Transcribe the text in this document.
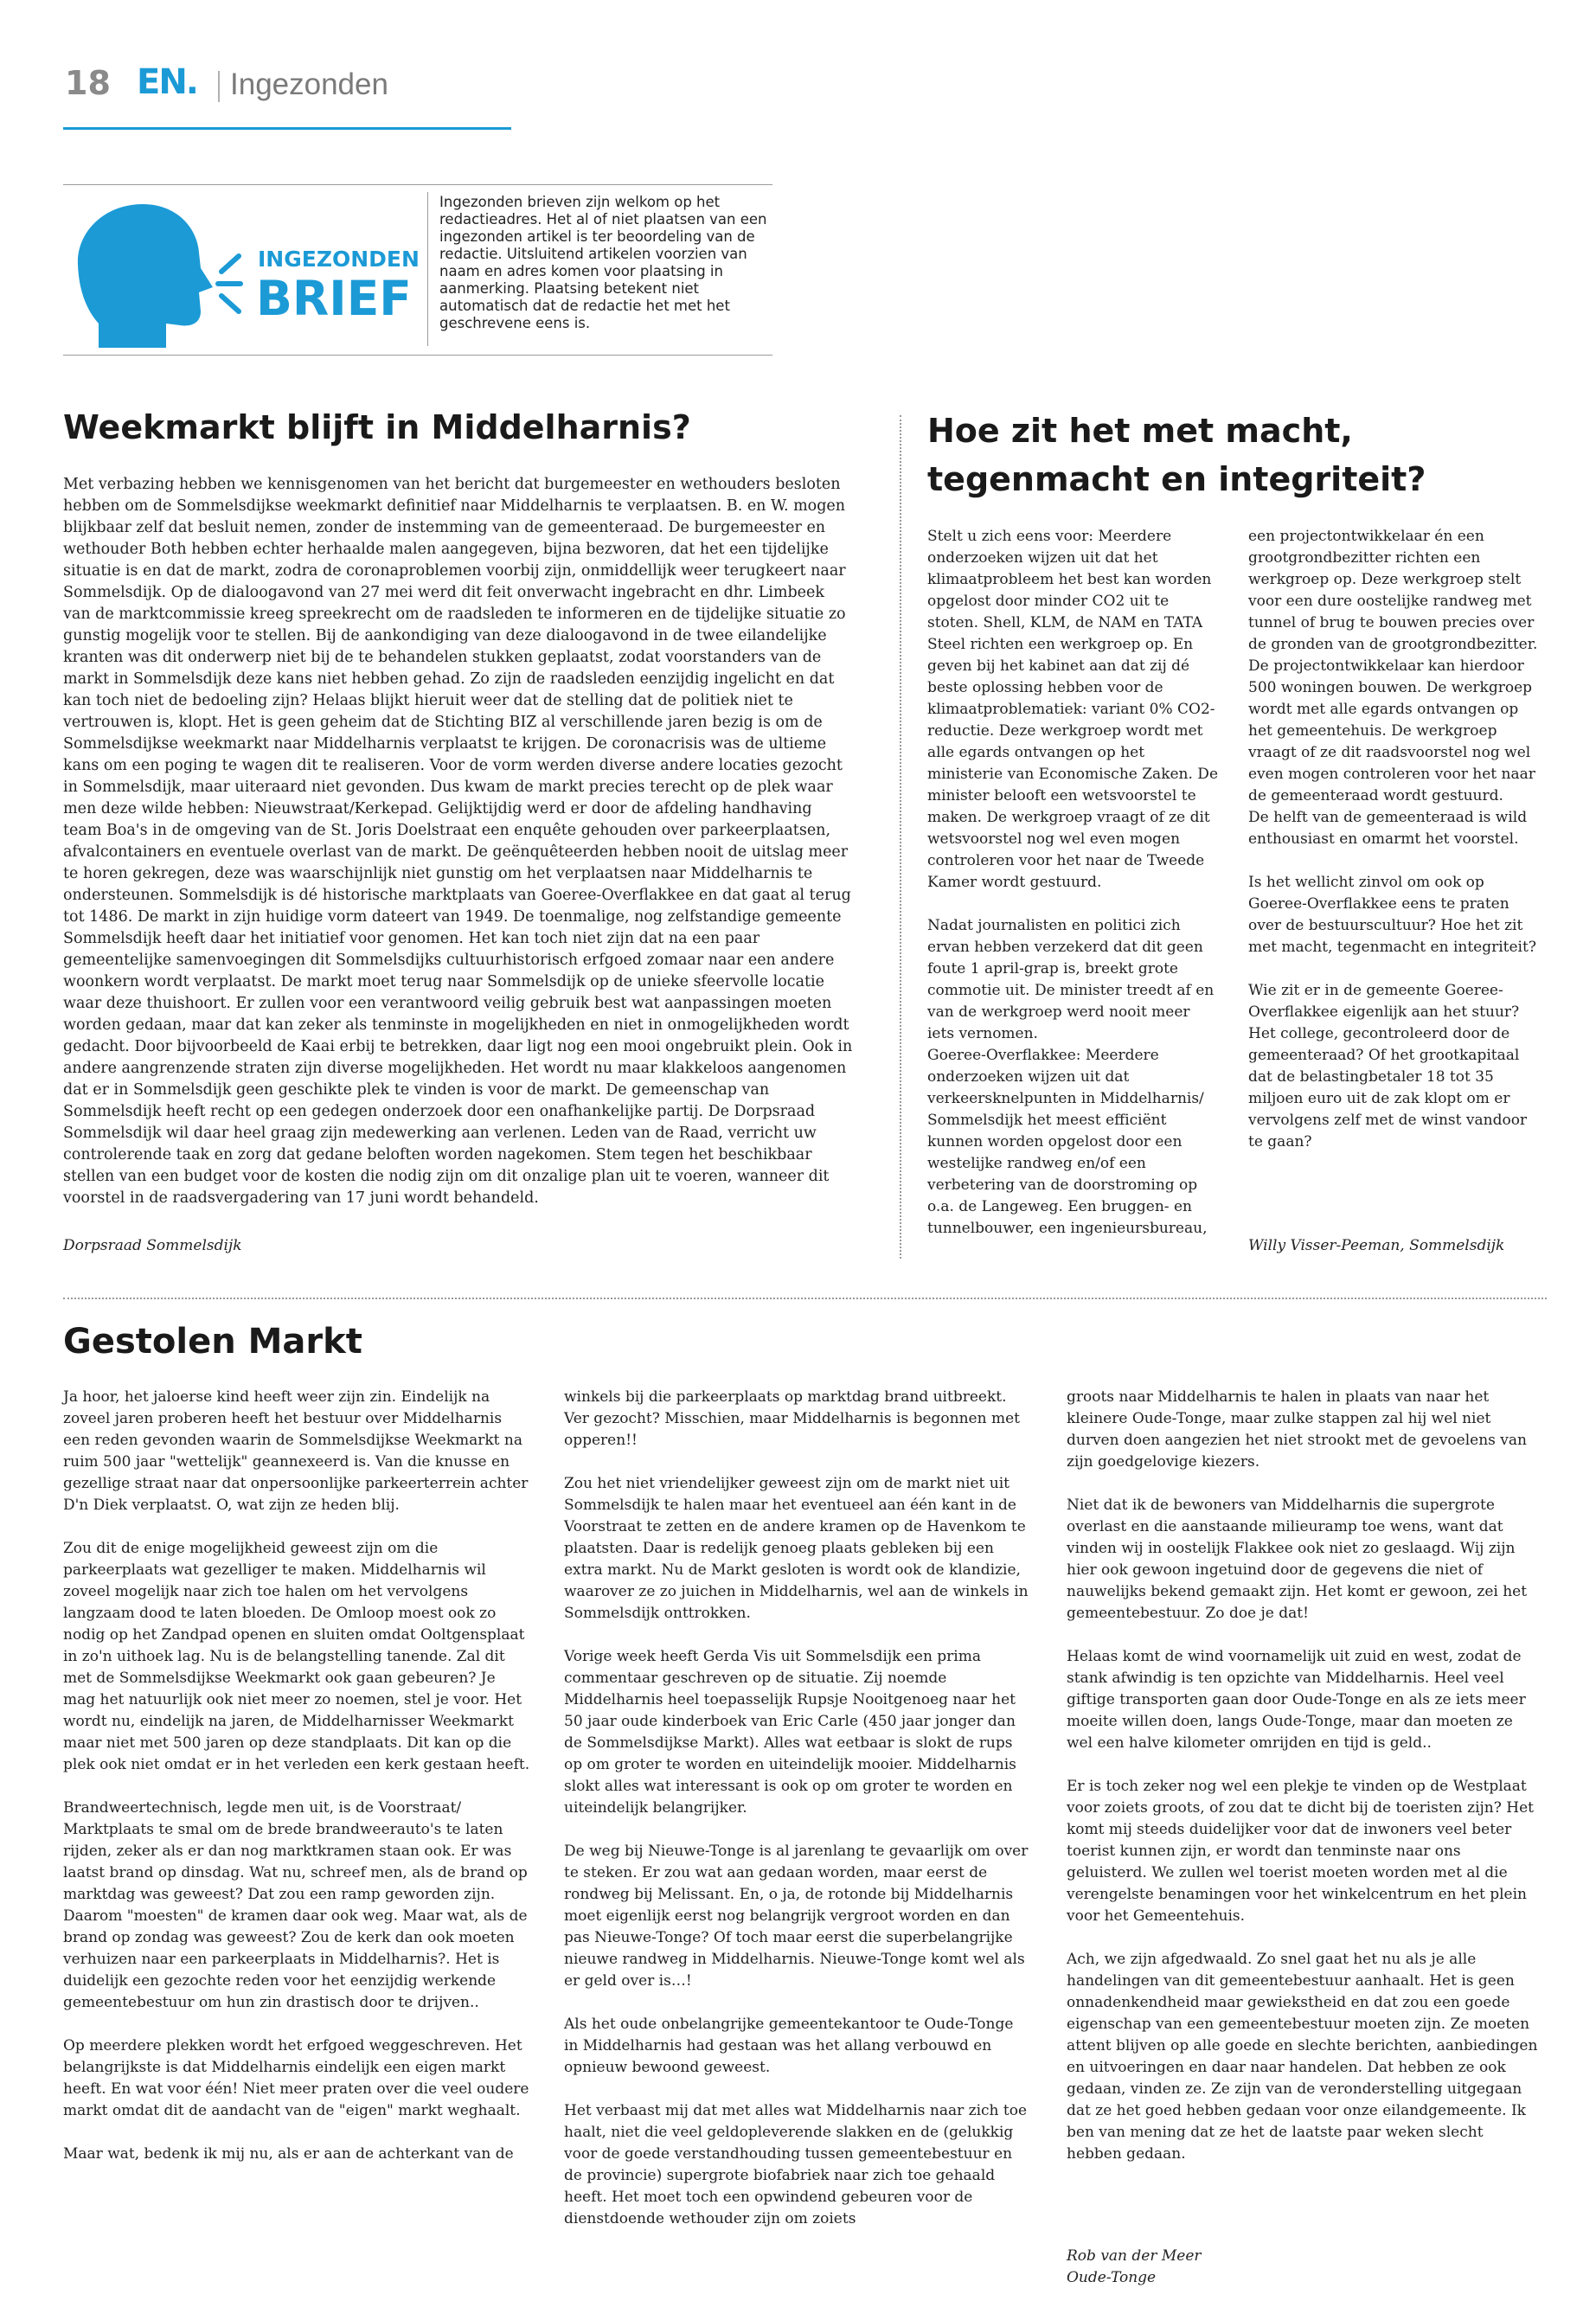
18 EN. Ingezonden
INGEZONDEN
BRIEF
Ingezonden brieven zijn welkom op het redactieadres. Het al of niet plaatsen van een ingezonden artikel is ter beoordeling van de redactie. Uitsluitend artikelen voorzien van naam en adres komen voor plaatsing in aanmerking. Plaatsing betekent niet automatisch dat de redactie het met het geschrevene eens is.
Weekmarkt blijft in Middelharnis?
Met verbazing hebben we kennisgenomen van het bericht dat burgemeester en wethouders besloten hebben om de Sommelsdijkse weekmarkt definitief naar Middelharnis te verplaatsen. B. en W. mogen blijkbaar zelf dat besluit nemen, zonder de instemming van de gemeenteraad. De burgemeester en wethouder Both hebben echter herhaalde malen aangegeven, bijna bezworen, dat het een tijdelijke situatie is en dat de markt, zodra de coronaproblemen voorbij zijn, onmiddellijk weer terugkeert naar Sommelsdijk. Op de dialoogavond van 27 mei werd dit feit onverwacht ingebracht en dhr. Limbeek van de marktcommissie kreeg spreekrecht om de raadsleden te informeren en de tijdelijke situatie zo gunstig mogelijk voor te stellen. Bij de aankondiging van deze dialoogavond in de twee eilandelijke kranten was dit onderwerp niet bij de te behandelen stukken geplaatst, zodat voorstanders van de markt in Sommelsdijk deze kans niet hebben gehad. Zo zijn de raadsleden eenzijdig ingelicht en dat kan toch niet de bedoeling zijn? Helaas blijkt hieruit weer dat de stelling dat de politiek niet te vertrouwen is, klopt. Het is geen geheim dat de Stichting BIZ al verschillende jaren bezig is om de Sommelsdijkse weekmarkt naar Middelharnis verplaatst te krijgen. De coronacrisis was de ultieme kans om een poging te wagen dit te realiseren. Voor de vorm werden diverse andere locaties gezocht in Sommelsdijk, maar uiteraard niet gevonden. Dus kwam de markt precies terecht op de plek waar men deze wilde hebben: Nieuwstraat/Kerkepad. Gelijktijdig werd er door de afdeling handhaving team Boa's in de omgeving van de St. Joris Doelstraat een enquête gehouden over parkeerplaatsen, afvalcontainers en eventuele overlast van de markt. De geënquêteerden hebben nooit de uitslag meer te horen gekregen, deze was waarschijnlijk niet gunstig om het verplaatsen naar Middelharnis te ondersteunen. Sommelsdijk is dé historische marktplaats van Goeree-Overflakkee en dat gaat al terug tot 1486. De markt in zijn huidige vorm dateert van 1949. De toenmalige, nog zelfstandige gemeente Sommelsdijk heeft daar het initiatief voor genomen. Het kan toch niet zijn dat na een paar gemeentelijke samenvoegingen dit Sommelsdijks cultuurhistorisch erfgoed zomaar naar een andere woonkern wordt verplaatst. De markt moet terug naar Sommelsdijk op de unieke sfeervolle locatie waar deze thuishoort. Er zullen voor een verantwoord veilig gebruik best wat aanpassingen moeten worden gedaan, maar dat kan zeker als tenminste in mogelijkheden en niet in onmogelijkheden wordt gedacht. Door bijvoorbeeld de Kaai erbij te betrekken, daar ligt nog een mooi ongebruikt plein. Ook in andere aangrenzende straten zijn diverse mogelijkheden. Het wordt nu maar klakkeloos aangenomen dat er in Sommelsdijk geen geschikte plek te vinden is voor de markt. De gemeenschap van Sommelsdijk heeft recht op een gedegen onderzoek door een onafhankelijke partij. De Dorpsraad Sommelsdijk wil daar heel graag zijn medewerking aan verlenen. Leden van de Raad, verricht uw controlerende taak en zorg dat gedane beloften worden nagekomen. Stem tegen het beschikbaar stellen van een budget voor de kosten die nodig zijn om dit onzalige plan uit te voeren, wanneer dit voorstel in de raadsvergadering van 17 juni wordt behandeld.
Dorpsraad Sommelsdijk
Hoe zit het met macht, tegenmacht en integriteit?
Stelt u zich eens voor: Meerdere onderzoeken wijzen uit dat het klimaatprobleem het best kan worden opgelost door minder CO2 uit te stoten. Shell, KLM, de NAM en TATA Steel richten een werkgroep op. En geven bij het kabinet aan dat zij dé beste oplossing hebben voor de klimaatproblematiek: variant 0% CO2-reductie. Deze werkgroep wordt met alle egards ontvangen op het ministerie van Economische Zaken. De minister belooft een wetsvoorstel te maken. De werkgroep vraagt of ze dit wetsvoorstel nog wel even mogen controleren voor het naar de Tweede Kamer wordt gestuurd.

Nadat journalisten en politici zich ervan hebben verzekerd dat dit geen foute 1 april-grap is, breekt grote commotie uit. De minister treedt af en van de werkgroep werd nooit meer iets vernomen.
Goeree-Overflakkee: Meerdere onderzoeken wijzen uit dat verkeersknelpunten in Middelharnis/ Sommelsdijk het meest efficiënt kunnen worden opgelost door een westelijke randweg en/of een verbetering van de doorstroming op o.a. de Langeweg. Een bruggen- en tunnelbouwer, een ingenieursbureau,
een projectontwikkelaar én een grootgrondbezitter richten een werkgroep op. Deze werkgroep stelt voor een dure oostelijke randweg met tunnel of brug te bouwen precies over de gronden van de grootgrondbezitter. De projectontwikkelaar kan hierdoor 500 woningen bouwen. De werkgroep wordt met alle egards ontvangen op het gemeentehuis. De werkgroep vraagt of ze dit raadsvoorstel nog wel even mogen controleren voor het naar de gemeenteraad wordt gestuurd.
De helft van de gemeenteraad is wild enthousiast en omarmt het voorstel.

Is het wellicht zinvol om ook op Goeree-Overflakkee eens te praten over de bestuurscultuur? Hoe het zit met macht, tegenmacht en integriteit?

Wie zit er in de gemeente Goeree-Overflakkee eigenlijk aan het stuur? Het college, gecontroleerd door de gemeenteraad? Of het grootkapitaal dat de belastingbetaler 18 tot 35 miljoen euro uit de zak klopt om er vervolgens zelf met de winst vandoor te gaan?
Willy Visser-Peeman, Sommelsdijk
Gestolen Markt
Ja hoor, het jaloerse kind heeft weer zijn zin. Eindelijk na zoveel jaren proberen heeft het bestuur over Middelharnis een reden gevonden waarin de Sommelsdijkse Weekmarkt na ruim 500 jaar "wettelijk" geannexeerd is. Van die knusse en gezellige straat naar dat onpersoonlijke parkeerterrein achter D'n Diek verplaatst. O, wat zijn ze heden blij.

Zou dit de enige mogelijkheid geweest zijn om die parkeerplaats wat gezelliger te maken. Middelharnis wil zoveel mogelijk naar zich toe halen om het vervolgens langzaam dood te laten bloeden. De Omloop moest ook zo nodig op het Zandpad openen en sluiten omdat Ooltgensplaat in zo'n uithoek lag. Nu is de belangstelling tanende. Zal dit met de Sommelsdijkse Weekmarkt ook gaan gebeuren? Je mag het natuurlijk ook niet meer zo noemen, stel je voor. Het wordt nu, eindelijk na jaren, de Middelharnisser Weekmarkt maar niet met 500 jaren op deze standplaats. Dit kan op die plek ook niet omdat er in het verleden een kerk gestaan heeft.

Brandweertechnisch, legde men uit, is de Voorstraat/ Marktplaats te smal om de brede brandweerauto's te laten rijden, zeker als er dan nog marktkramen staan ook. Er was laatst brand op dinsdag. Wat nu, schreef men, als de brand op marktdag was geweest? Dat zou een ramp geworden zijn. Daarom "moesten" de kramen daar ook weg. Maar wat, als de brand op zondag was geweest? Zou de kerk dan ook moeten verhuizen naar een parkeerplaats in Middelharnis?. Het is duidelijk een gezochte reden voor het eenzijdig werkende gemeentebestuur om hun zin drastisch door te drijven..

Op meerdere plekken wordt het erfgoed weggeschreven. Het belangrijkste is dat Middelharnis eindelijk een eigen markt heeft. En wat voor één! Niet meer praten over die veel oudere markt omdat dit de aandacht van de "eigen" markt weghaalt.

Maar wat, bedenk ik mij nu, als er aan de achterkant van de
winkels bij die parkeerplaats op marktdag brand uitbreekt. Ver gezocht? Misschien, maar Middelharnis is begonnen met opperen!!

Zou het niet vriendelijker geweest zijn om de markt niet uit Sommelsdijk te halen maar het eventueel aan één kant in de Voorstraat te zetten en de andere kramen op de Havenkom te plaatsten. Daar is redelijk genoeg plaats gebleken bij een extra markt. Nu de Markt gesloten is wordt ook de klandizie, waarover ze zo juichen in Middelharnis, wel aan de winkels in Sommelsdijk onttrokken.

Vorige week heeft Gerda Vis uit Sommelsdijk een prima commentaar geschreven op de situatie. Zij noemde Middelharnis heel toepasselijk Rupsje Nooitgenoeg naar het 50 jaar oude kinderboek van Eric Carle (450 jaar jonger dan de Sommelsdijkse Markt). Alles wat eetbaar is slokt de rups op om groter te worden en uiteindelijk mooier. Middelharnis slokt alles wat interessant is ook op om groter te worden en uiteindelijk belangrijker.

De weg bij Nieuwe-Tonge is al jarenlang te gevaarlijk om over te steken. Er zou wat aan gedaan worden, maar eerst de rondweg bij Melissant. En, o ja, de rotonde bij Middelharnis moet eigenlijk eerst nog belangrijk vergroot worden en dan pas Nieuwe-Tonge? Of toch maar eerst die superbelangrijke nieuwe randweg in Middelharnis. Nieuwe-Tonge komt wel als er geld over is…!

Als het oude onbelangrijke gemeentekantoor te Oude-Tonge in Middelharnis had gestaan was het allang verbouwd en opnieuw bewoond geweest.

Het verbaast mij dat met alles wat Middelharnis naar zich toe haalt, niet die veel geldopleverende slakken en de (gelukkig voor de goede verstandhouding tussen gemeentebestuur en de provincie) supergrote biofabriek naar zich toe gehaald heeft. Het moet toch een opwindend gebeuren voor de dienstdoende wethouder zijn om zoiets
groots naar Middelharnis te halen in plaats van naar het kleinere Oude-Tonge, maar zulke stappen zal hij wel niet durven doen aangezien het niet strookt met de gevoelens van zijn goedgelovige kiezers.

Niet dat ik de bewoners van Middelharnis die supergrote overlast en die aanstaande milieuramp toe wens, want dat vinden wij in oostelijk Flakkee ook niet zo geslaagd. Wij zijn hier ook gewoon ingetuind door de gegevens die niet of nauwelijks bekend gemaakt zijn. Het komt er gewoon, zei het gemeentebestuur. Zo doe je dat!

Helaas komt de wind voornamelijk uit zuid en west, zodat de stank afwindig is ten opzichte van Middelharnis. Heel veel giftige transporten gaan door Oude-Tonge en als ze iets meer moeite willen doen, langs Oude-Tonge, maar dan moeten ze wel een halve kilometer omrijden en tijd is geld..

Er is toch zeker nog wel een plekje te vinden op de Westplaat voor zoiets groots, of zou dat te dicht bij de toeristen zijn? Het komt mij steeds duidelijker voor dat de inwoners veel beter toerist kunnen zijn, er wordt dan tenminste naar ons geluisterd. We zullen wel toerist moeten worden met al die verengelste benamingen voor het winkelcentrum en het plein voor het Gemeentehuis.

Ach, we zijn afgedwaald. Zo snel gaat het nu als je alle handelingen van dit gemeentebestuur aanhaalt. Het is geen onnadenkendheid maar gewiekstheid en dat zou een goede eigenschap van een gemeentebestuur moeten zijn. Ze moeten attent blijven op alle goede en slechte berichten, aanbiedingen en uitvoeringen en daar naar handelen. Dat hebben ze ook gedaan, vinden ze. Ze zijn van de veronderstelling uitgegaan dat ze het goed hebben gedaan voor onze eilandgemeente. Ik ben van mening dat ze het de laatste paar weken slecht hebben gedaan.
Rob van der Meer
Oude-Tonge
